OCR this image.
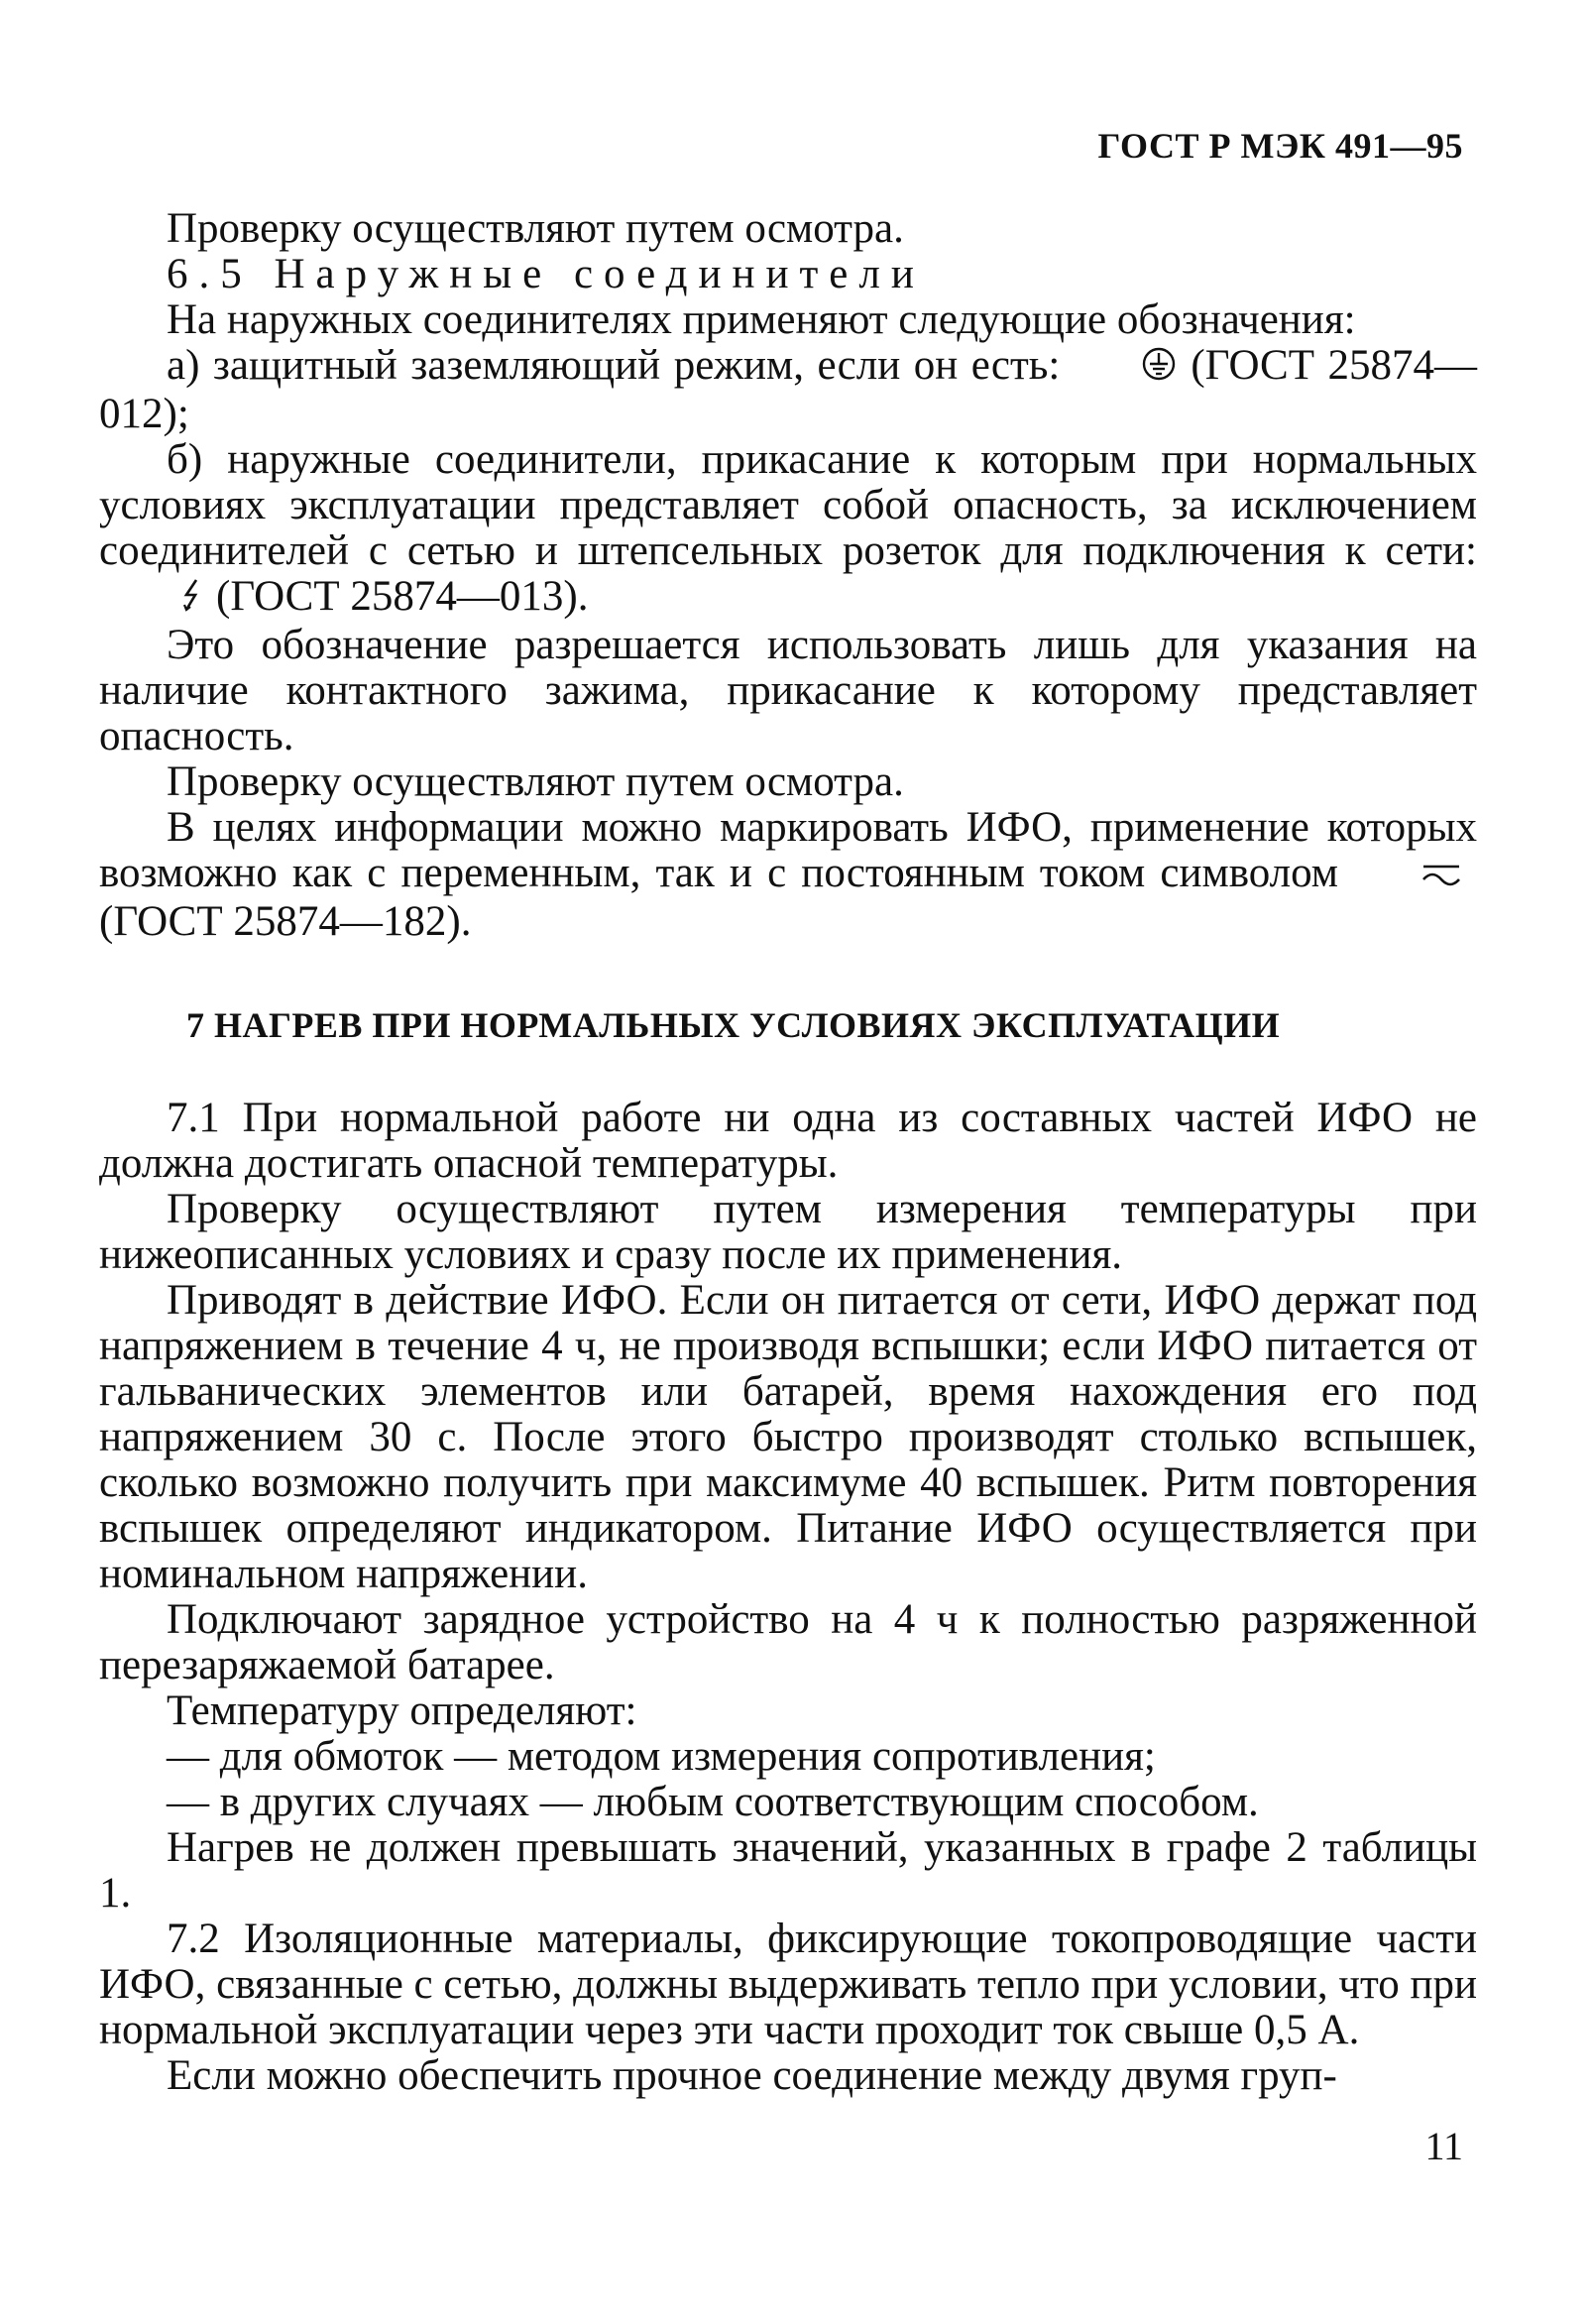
ГОСТ Р МЭК 491—95

Проверку осуществляют путем осмотра.

6.5 Наружные соединители

На наружных соединителях применяют следующие обозначения:

а) защитный заземляющий режим, если он есть:	(ГОСТ 25874—012);

б) наружные соединители, прикасание к которым при нормальных условиях эксплуатации представляет собой опасность, за исключением соединителей с сетью и штепсельных розеток для подключения к сети:(ГОСТ 25874—013).

Это обозначение разрешается использовать лишь для указания на наличие контактного зажима, прикасание к которому представляет опасность.

Проверку осуществляют путем осмотра.

В целях информации можно маркировать ИФО, применение которых возможно как с переменным, так и с постоянным током символом(ГОСТ 25874—182).

7 НАГРЕВ ПРИ НОРМАЛЬНЫХ УСЛОВИЯХ ЭКСПЛУАТАЦИИ

7.1 При нормальной работе ни одна из составных частей ИФО не должна достигать опасной температуры.

Проверку осуществляют путем измерения температуры при нижеописанных условиях и сразу после их применения.

Приводят в действие ИФО. Если он питается от сети, ИФО держат под напряжением в течение 4 ч, не производя вспышки; если ИФО питается от гальванических элементов или батарей, время нахождения его под напряжением 30 с. После этого быстро производят столько вспышек, сколько возможно получить при максимуме 40 вспышек. Ритм повторения вспышек определяют индикатором. Питание ИФО осуществляется при номинальном напряжении.

Подключают зарядное устройство на 4 ч к полностью разряженной перезаряжаемой батарее.

Температуру определяют:

— для обмоток — методом измерения сопротивления;

— в других случаях — любым соответствующим способом.

Нагрев не должен превышать значений, указанных в графе 2 таблицы 1.

7.2 Изоляционные материалы, фиксирующие токопроводящие части ИФО, связанные с сетью, должны выдерживать тепло при условии, что при нормальной эксплуатации через эти части проходит ток свыше 0,5 А.

Если можно обеспечить прочное соединение между двумя груп-

11
